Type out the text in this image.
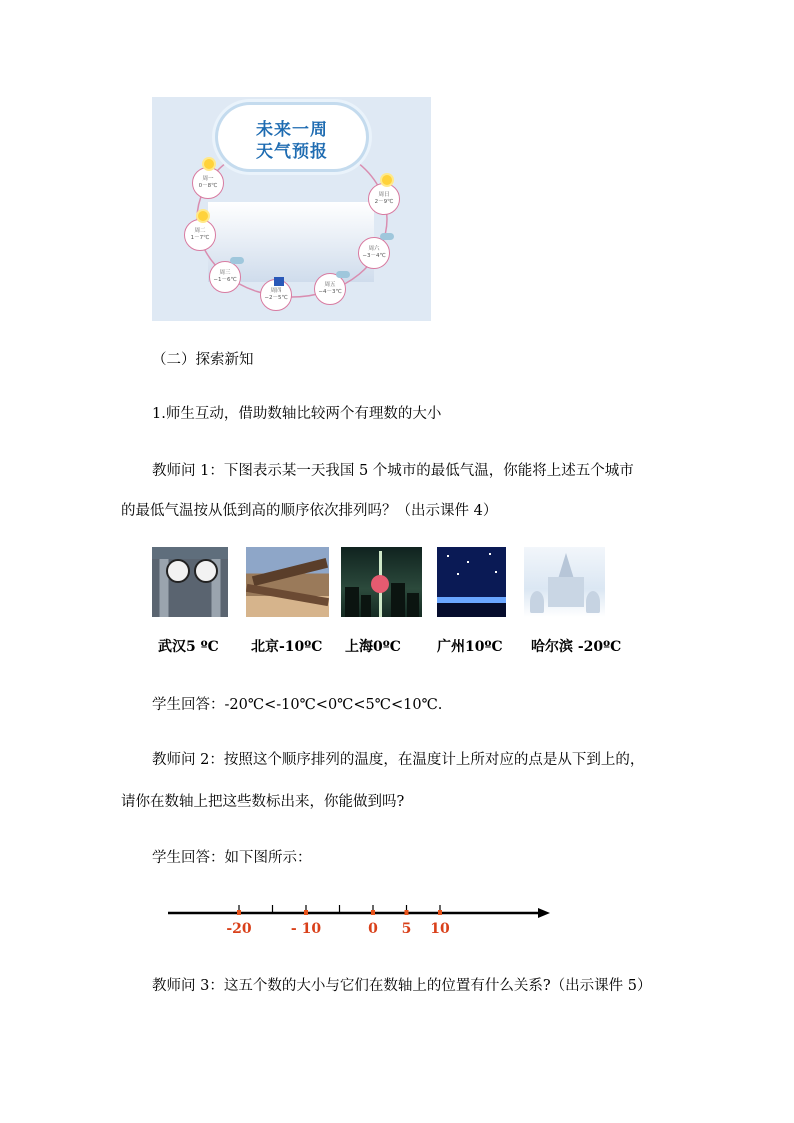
未来一周
天气预报
周一
0－8℃
周二
1－7℃
周三
−1－6℃
周四
−2－5℃
周五
−4－3℃
周六
−3－4℃
周日
2－9℃
（二）探索新知
1.师生互动，借助数轴比较两个有理数的大小
教师问 1：下图表示某一天我国 5 个城市的最低气温，你能将上述五个城市
的最低气温按从低到高的顺序依次排列吗？（出示课件 4）
武汉5 ºC 北京-10ºC 上海0ºC	广州10ºC 哈尔滨 -20ºC
学生回答：-20℃<-10℃<0℃<5℃<10℃.
教师问 2：按照这个顺序排列的温度，在温度计上所对应的点是从下到上的，
请你在数轴上把这些数标出来，你能做到吗?
学生回答：如下图所示：
-20	- 10	0 5 10
教师问 3：这五个数的大小与它们在数轴上的位置有什么关系?（出示课件 5）
